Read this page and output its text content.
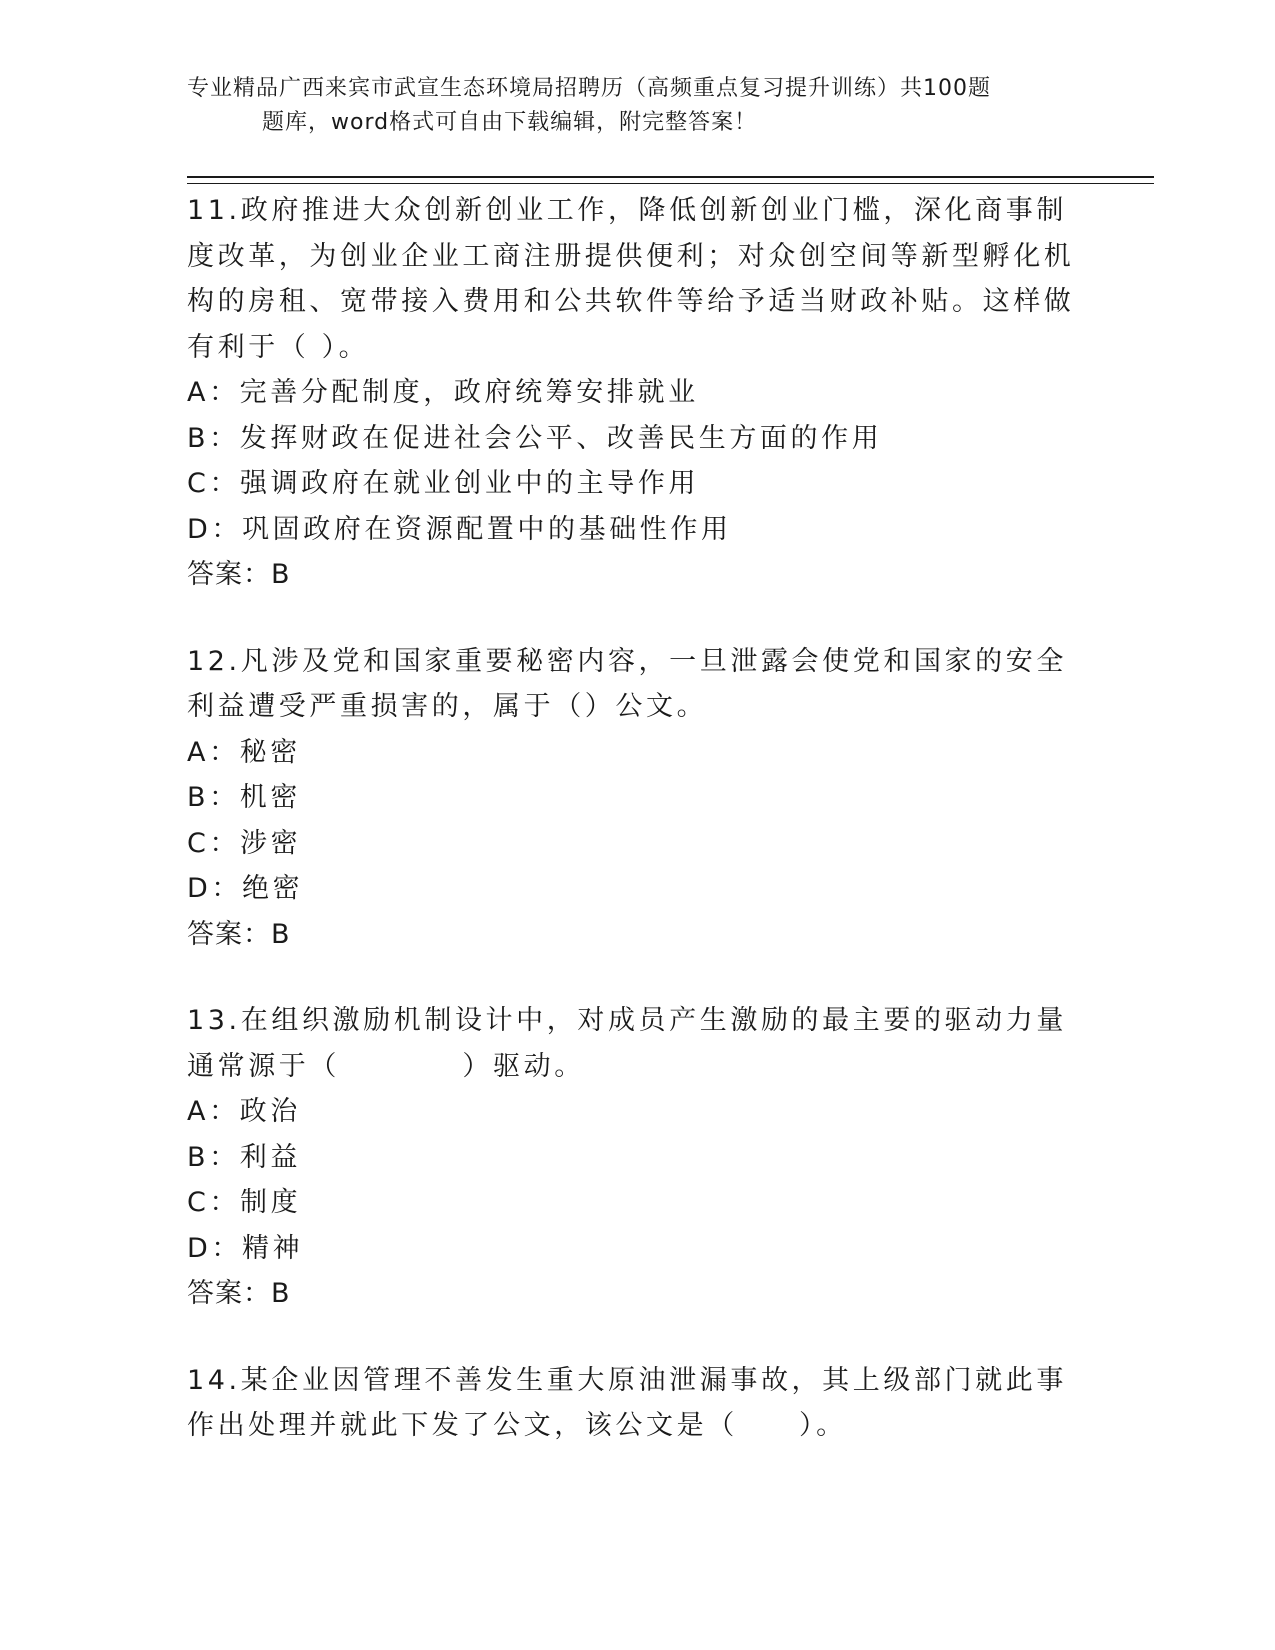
专业精品广西来宾市武宣生态环境局招聘历（高频重点复习提升训练）共100题
题库，word格式可自由下载编辑，附完整答案！

11.政府推进大众创新创业工作，降低创新创业门槛，深化商事制度改革，为创业企业工商注册提供便利；对众创空间等新型孵化机构的房租、宽带接入费用和公共软件等给予适当财政补贴。这样做有利于（ ）。

A：完善分配制度，政府统筹安排就业

B：发挥财政在促进社会公平、改善民生方面的作用

C：强调政府在就业创业中的主导作用

D：巩固政府在资源配置中的基础性作用

答案：B

12.凡涉及党和国家重要秘密内容，一旦泄露会使党和国家的安全利益遭受严重损害的，属于（）公文。

A：秘密

B：机密

C：涉密

D：绝密

答案：B

13.在组织激励机制设计中，对成员产生激励的最主要的驱动力量通常源于（　　　　）驱动。

A：政治

B：利益

C：制度

D：精神

答案：B

14.某企业因管理不善发生重大原油泄漏事故，其上级部门就此事作出处理并就此下发了公文，该公文是（　　）。
